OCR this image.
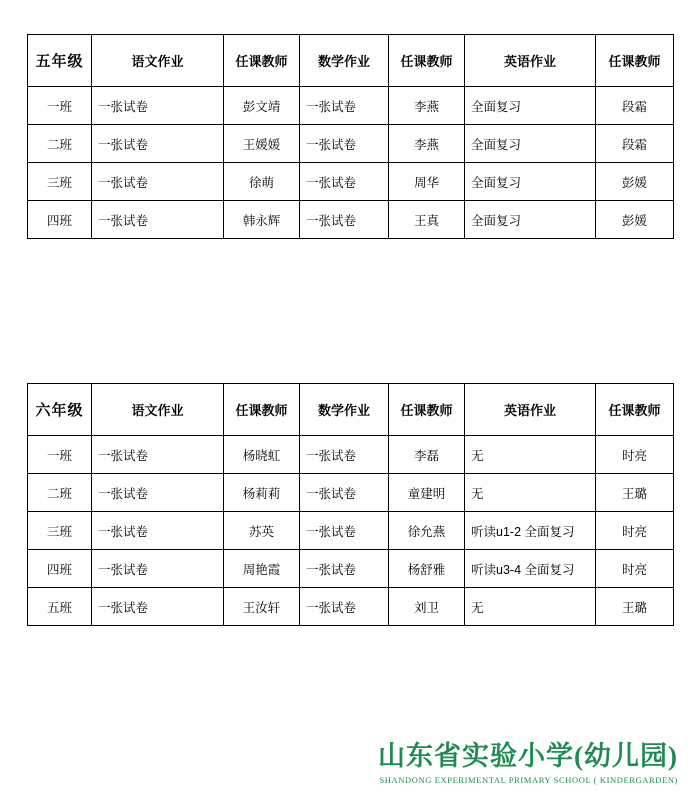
五年级	语文作业	任课教师	数学作业	任课教师	英语作业	任课教师
一班	一张试卷	彭文靖	一张试卷	李燕	全面复习	段霜
二班	一张试卷	王媛媛	一张试卷	李燕	全面复习	段霜
三班	一张试卷	徐萌	一张试卷	周华	全面复习	彭媛
四班	一张试卷	韩永辉	一张试卷	王真	全面复习	彭媛
六年级	语文作业	任课教师	数学作业	任课教师	英语作业	任课教师
一班	一张试卷	杨晓虹	一张试卷	李磊	无	时亮
二班	一张试卷	杨莉莉	一张试卷	童建明	无	王璐
三班	一张试卷	苏英	一张试卷	徐允燕	听读u1-2 全面复习	时亮
四班	一张试卷	周艳霞	一张试卷	杨舒雅	听读u3-4 全面复习	时亮
五班	一张试卷	王汝轩	一张试卷	刘卫	无	王璐
山东省实验小学(幼儿园)
SHANDONG EXPERIMENTAL PRIMARY SCHOOL ( KINDERGARDEN)
